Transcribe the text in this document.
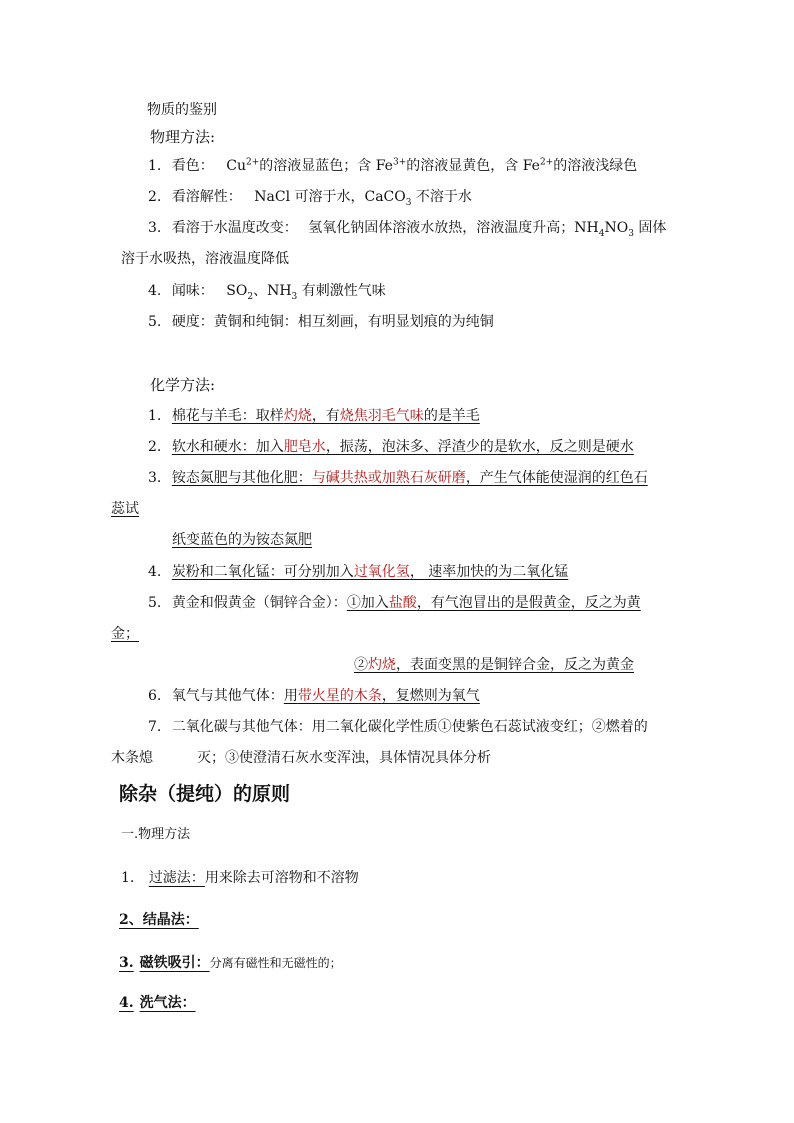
物质的鉴别
物理方法:
1. 看色： $Cu^{2+}$的溶液显蓝色；含 $Fe^{3+}$的溶液显黄色，含 $Fe^{2+}$的溶液浅绿色
2. 看溶解性： NaCl 可溶于水，CaCO$_3$ 不溶于水
3. 看溶于水温度改变： 氢氧化钠固体溶液水放热，溶液温度升高；$NH_4NO_3$ 固体
溶于水吸热，溶液温度降低
4. 闻味： $SO_2$、$NH_3$ 有刺激性气味
5. 硬度：黄铜和纯铜：相互刻画，有明显划痕的为纯铜
化学方法:
1. 棉花与羊毛：取样灼烧，有烧焦羽毛气味的是羊毛
2. 软水和硬水：加入肥皂水，振荡，泡沫多、浮渣少的是软水，反之则是硬水
3. 铵态氮肥与其他化肥：与碱共热或加熟石灰研磨，产生气体能使湿润的红色石
蕊试
纸变蓝色的为铵态氮肥
4. 炭粉和二氧化锰：可分别加入过氧化氢， 速率加快的为二氧化锰
5. 黄金和假黄金（铜锌合金）：①加入盐酸，有气泡冒出的是假黄金，反之为黄
金；
②灼烧，表面变黑的是铜锌合金，反之为黄金
6. 氧气与其他气体：用带火星的木条，复燃则为氧气
7. 二氧化碳与其他气体：用二氧化碳化学性质①使紫色石蕊试液变红；②燃着的
木条熄	灭；③使澄清石灰水变浑浊，具体情况具体分析
除杂（提纯）的原则
一.物理方法
1. 过滤法：用来除去可溶物和不溶物
2、结晶法：
3. 磁铁吸引：分离有磁性和无磁性的；
4. 洗气法：
